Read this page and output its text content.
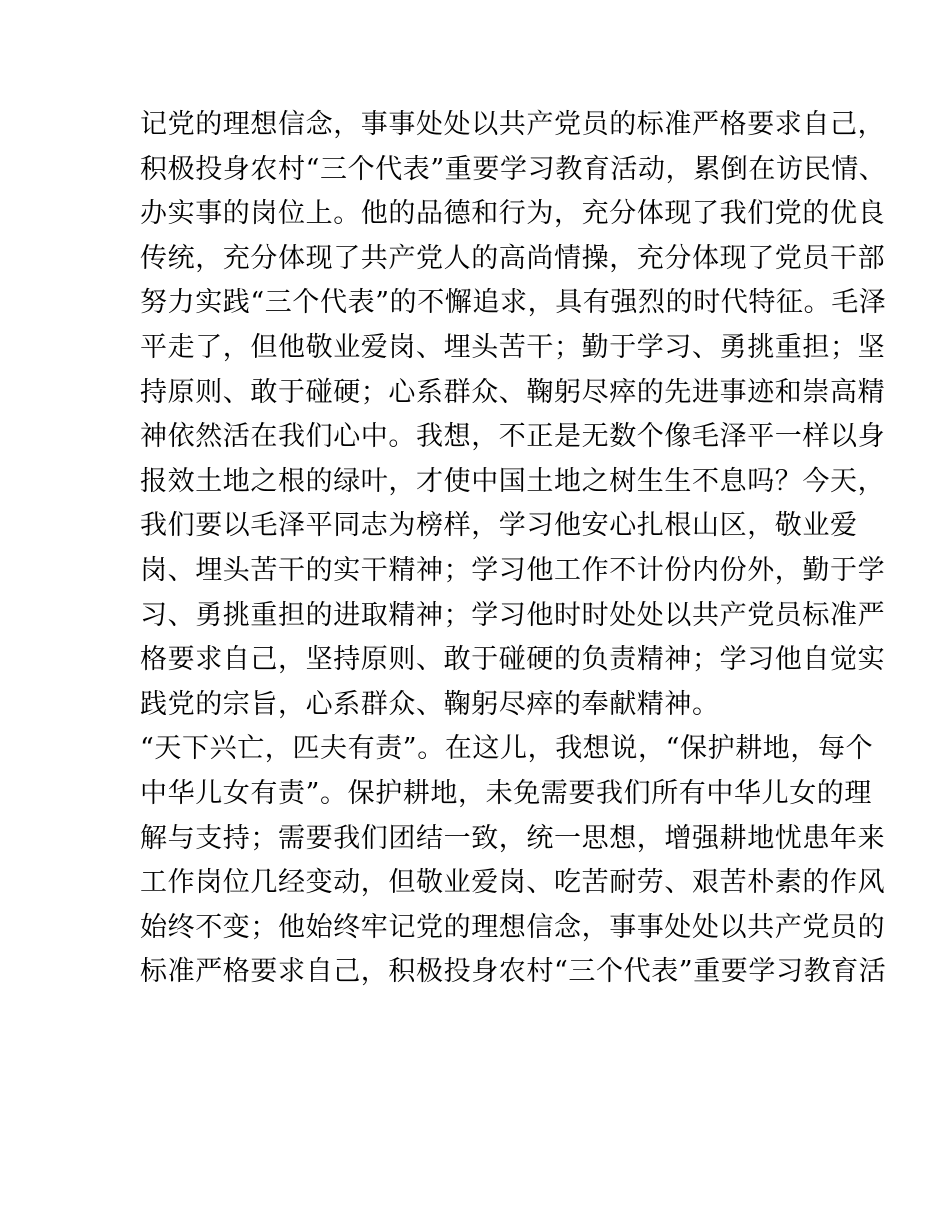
记党的理想信念，事事处处以共产党员的标准严格要求自己，
积极投身农村“三个代表”重要学习教育活动，累倒在访民情、
办实事的岗位上。他的品德和行为，充分体现了我们党的优良
传统，充分体现了共产党人的高尚情操，充分体现了党员干部
努力实践“三个代表”的不懈追求，具有强烈的时代特征。毛泽
平走了，但他敬业爱岗、埋头苦干；勤于学习、勇挑重担；坚
持原则、敢于碰硬；心系群众、鞠躬尽瘁的先进事迹和崇高精
神依然活在我们心中。我想，不正是无数个像毛泽平一样以身
报效土地之根的绿叶，才使中国土地之树生生不息吗？今天，
我们要以毛泽平同志为榜样，学习他安心扎根山区，敬业爱
岗、埋头苦干的实干精神；学习他工作不计份内份外，勤于学
习、勇挑重担的进取精神；学习他时时处处以共产党员标准严
格要求自己，坚持原则、敢于碰硬的负责精神；学习他自觉实
践党的宗旨，心系群众、鞠躬尽瘁的奉献精神。
“天下兴亡，匹夫有责”。在这儿，我想说，“保护耕地，每个
中华儿女有责”。保护耕地，未免需要我们所有中华儿女的理
解与支持；需要我们团结一致，统一思想，增强耕地忧患年来
工作岗位几经变动，但敬业爱岗、吃苦耐劳、艰苦朴素的作风
始终不变；他始终牢记党的理想信念，事事处处以共产党员的
标准严格要求自己，积极投身农村“三个代表”重要学习教育活
